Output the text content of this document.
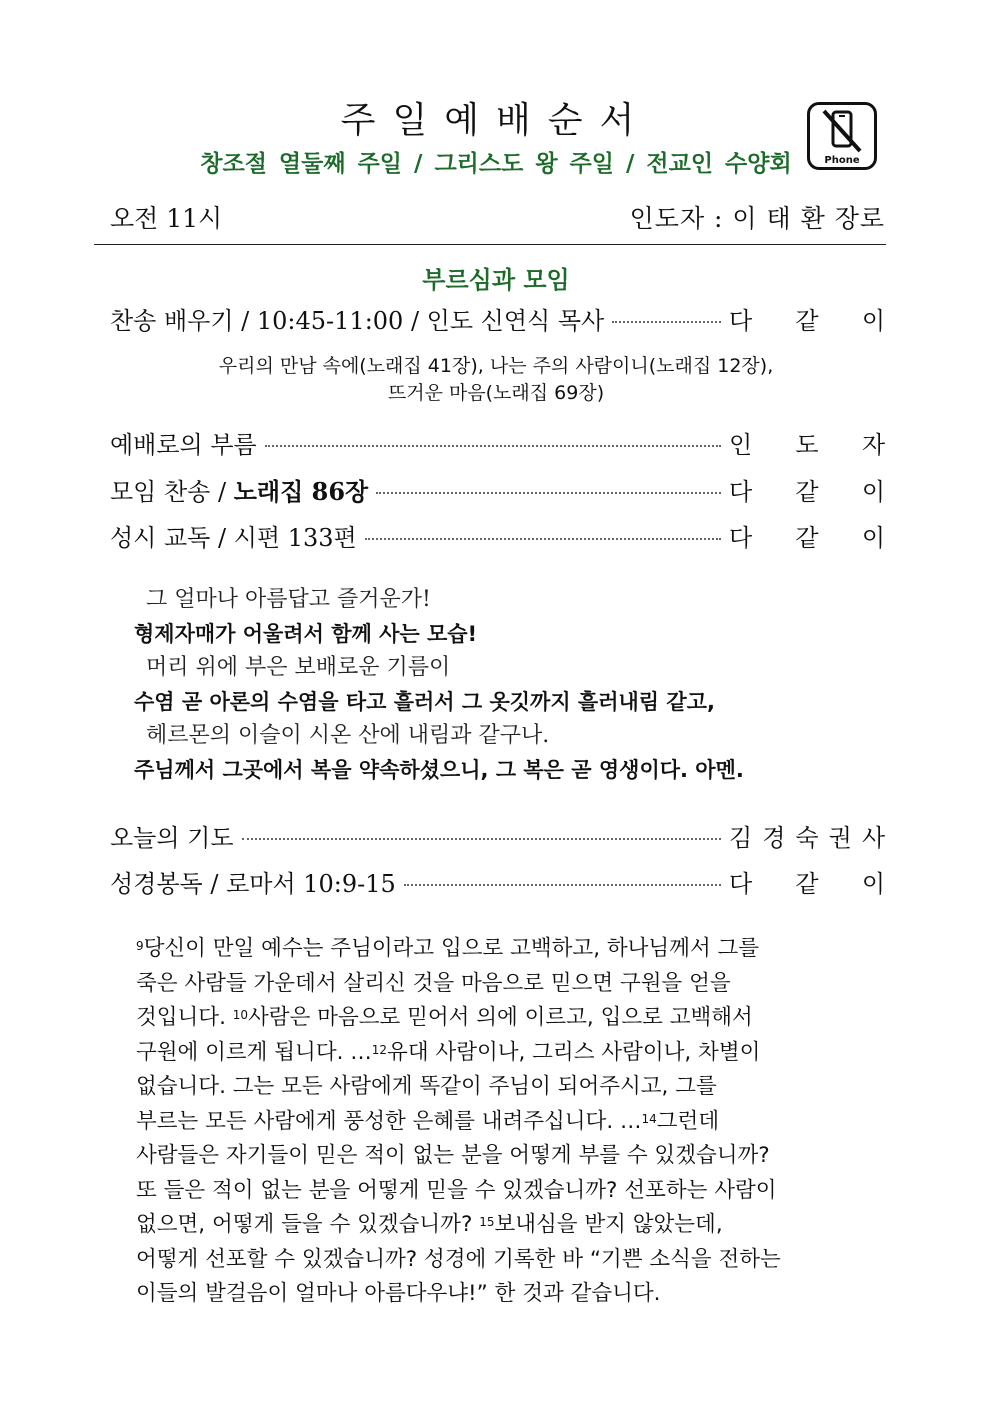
주일예배순서
창조절 열둘째 주일 / 그리스도 왕 주일 / 전교인 수양회	Phone
오전 11시	인도자 : 이 태 환 장로
부르심과 모임
찬송 배우기 / 10:45-11:00 / 인도 신연식 목사	다 같 이
우리의 만남 속에(노래집 41장), 나는 주의 사람이니(노래집 12장),
뜨거운 마음(노래집 69장)
예배로의 부름	인 도 자
모임 찬송 / 노래집 86장	다 같 이
성시 교독 / 시편 133편	다 같 이
그 얼마나 아름답고 즐거운가!
형제자매가 어울려서 함께 사는 모습!
머리 위에 부은 보배로운 기름이
수염 곧 아론의 수염을 타고 흘러서 그 옷깃까지 흘러내림 같고,
헤르몬의 이슬이 시온 산에 내림과 같구나.
주님께서 그곳에서 복을 약속하셨으니, 그 복은 곧 영생이다. 아멘.
오늘의 기도	김 경 숙 권 사
성경봉독 / 로마서 10:9-15	다 같 이
$^9$당신이 만일 예수는 주님이라고 입으로 고백하고, 하나님께서 그를
죽은 사람들 가운데서 살리신 것을 마음으로 믿으면 구원을 얻을
것입니다. $^{10}$사람은 마음으로 믿어서 의에 이르고, 입으로 고백해서
구원에 이르게 됩니다. …$^{12}$유대 사람이나, 그리스 사람이나, 차별이
없습니다. 그는 모든 사람에게 똑같이 주님이 되어주시고, 그를
부르는 모든 사람에게 풍성한 은혜를 내려주십니다. …$^{14}$그런데
사람들은 자기들이 믿은 적이 없는 분을 어떻게 부를 수 있겠습니까?
또 들은 적이 없는 분을 어떻게 믿을 수 있겠습니까? 선포하는 사람이
없으면, 어떻게 들을 수 있겠습니까? $^{15}$보내심을 받지 않았는데,
어떻게 선포할 수 있겠습니까? 성경에 기록한 바 “기쁜 소식을 전하는
이들의 발걸음이 얼마나 아름다우냐!” 한 것과 같습니다.
